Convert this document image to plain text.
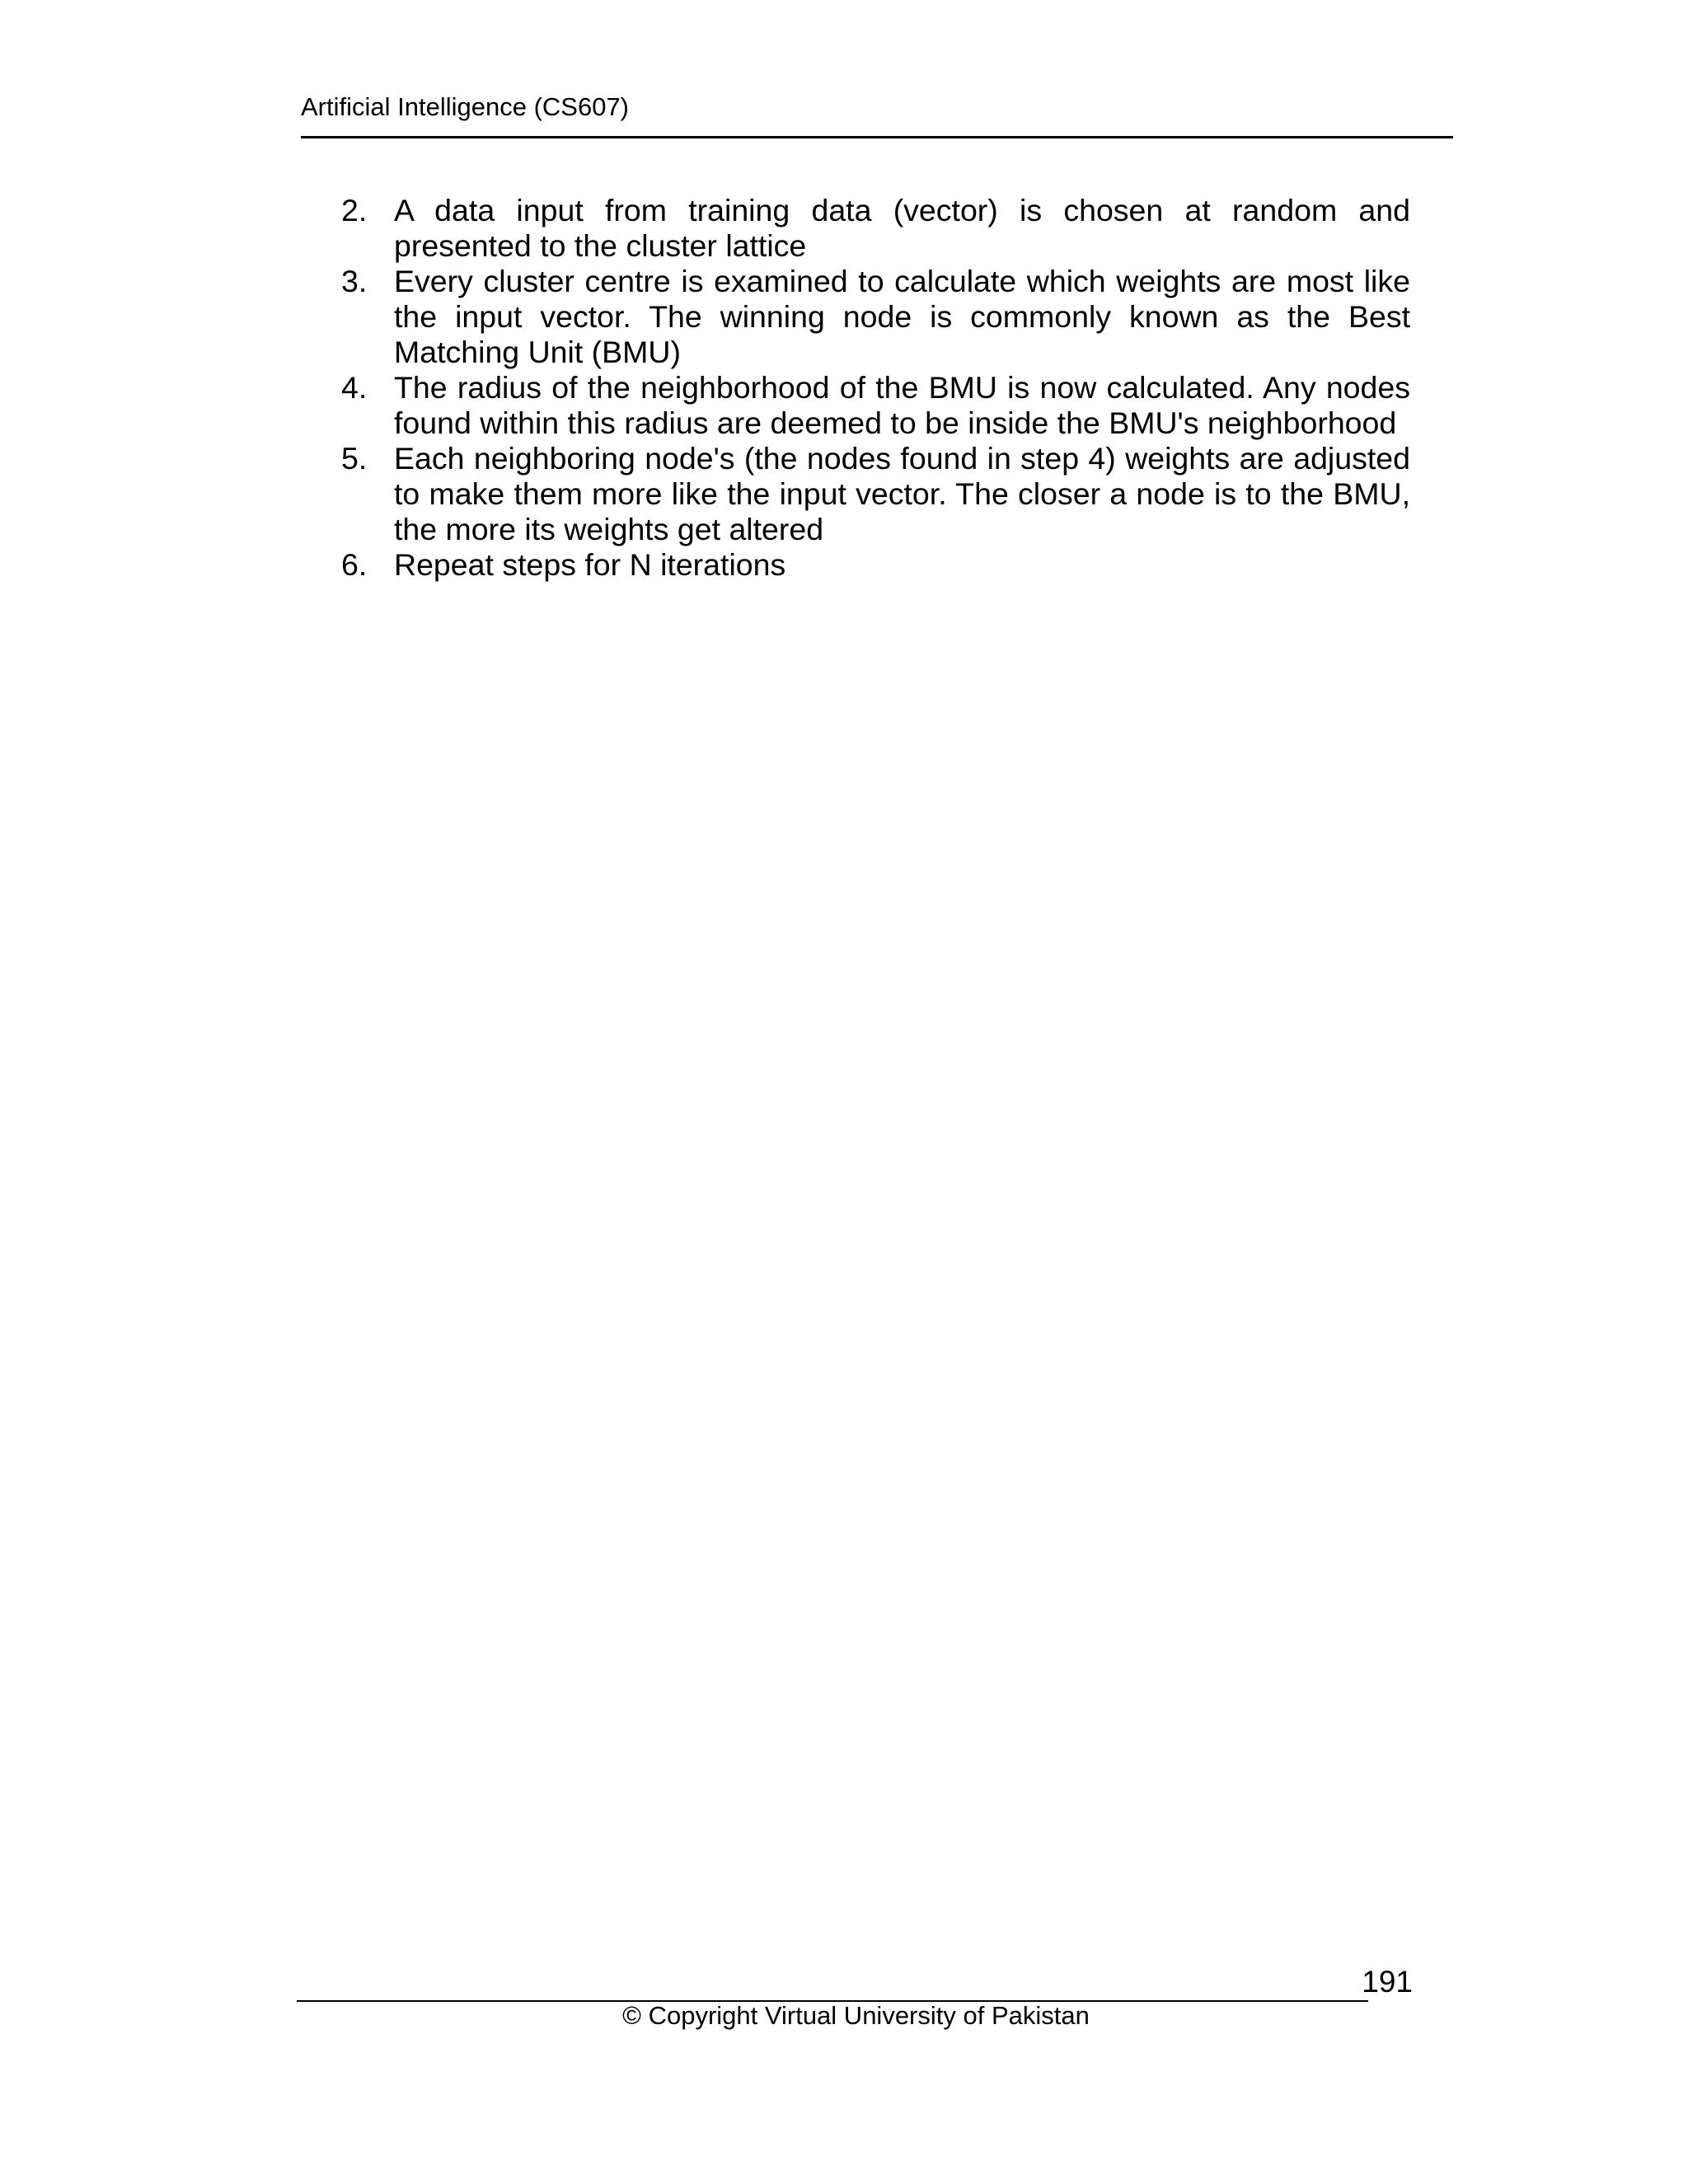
Artificial Intelligence (CS607)
2. A data input from training data (vector) is chosen at random and presented to the cluster lattice
3. Every cluster centre is examined to calculate which weights are most like the input vector. The winning node is commonly known as the Best Matching Unit (BMU)
4. The radius of the neighborhood of the BMU is now calculated. Any nodes found within this radius are deemed to be inside the BMU's neighborhood
5. Each neighboring node's (the nodes found in step 4) weights are adjusted to make them more like the input vector. The closer a node is to the BMU, the more its weights get altered
6. Repeat steps for N iterations
191
© Copyright Virtual University of Pakistan
